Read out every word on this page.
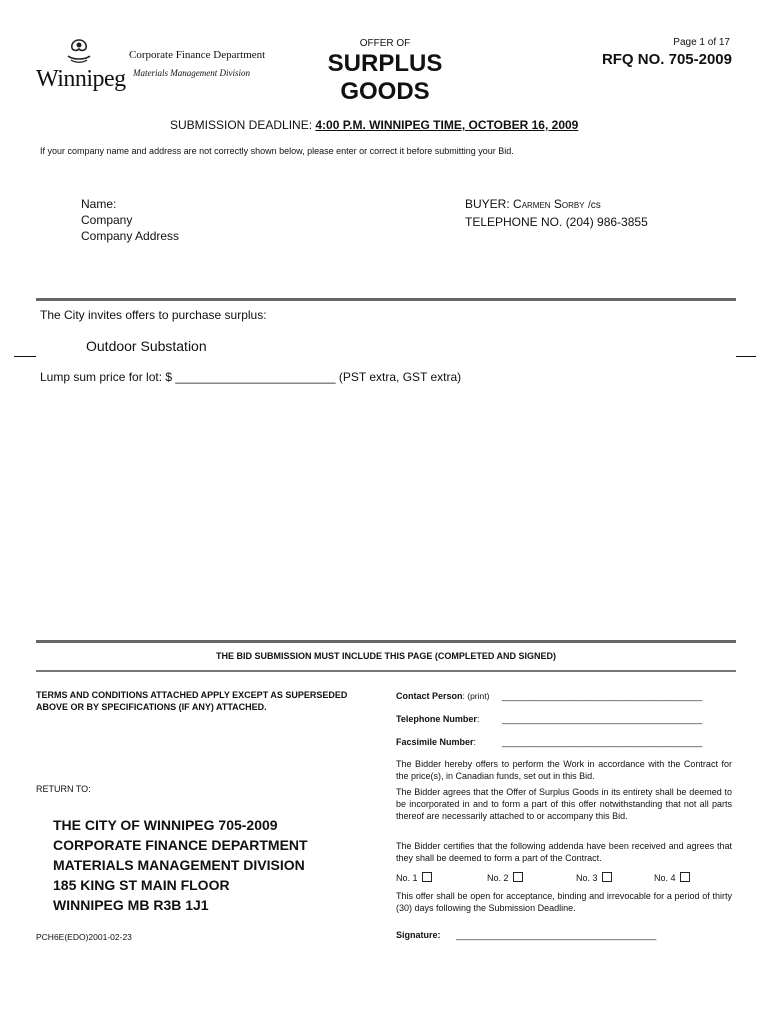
Winnipeg
Corporate Finance Department
Materials Management Division
OFFER OF
SURPLUS
GOODS
Page 1 of 17
RFQ NO. 705-2009
SUBMISSION DEADLINE: 4:00 P.M. WINNIPEG TIME, OCTOBER 16, 2009
If your company name and address are not correctly shown below, please enter or correct it before submitting your Bid.
Name:
Company
Company Address
BUYER: Carmen Sorby /cs
TELEPHONE NO. (204) 986-3855
The City invites offers to purchase surplus:
Outdoor Substation
Lump sum price for lot: $ ________________________ (PST extra, GST extra)
THE BID SUBMISSION MUST INCLUDE THIS PAGE (COMPLETED AND SIGNED)
TERMS AND CONDITIONS ATTACHED APPLY EXCEPT AS SUPERSEDED ABOVE OR BY SPECIFICATIONS (IF ANY) ATTACHED.
RETURN TO:
THE CITY OF WINNIPEG 705-2009
CORPORATE FINANCE DEPARTMENT
MATERIALS MANAGEMENT DIVISION
185 KING ST MAIN FLOOR
WINNIPEG MB R3B 1J1
PCH6E(EDO)2001-02-23
Contact Person: (print) ________________________________________
Telephone Number:	________________________________________
Facsimile Number:	________________________________________
The Bidder hereby offers to perform the Work in accordance with the Contract for the price(s), in Canadian funds, set out in this Bid.
The Bidder agrees that the Offer of Surplus Goods in its entirety shall be deemed to be incorporated in and to form a part of this offer notwithstanding that not all parts thereof are necessarily attached to or accompany this Bid.
The Bidder certifies that the following addenda have been received and agrees that they shall be deemed to form a part of the Contract.
No. 1	No. 2	No. 3	No. 4
This offer shall be open for acceptance, binding and irrevocable for a period of thirty (30) days following the Submission Deadline.
Signature: ________________________________________
